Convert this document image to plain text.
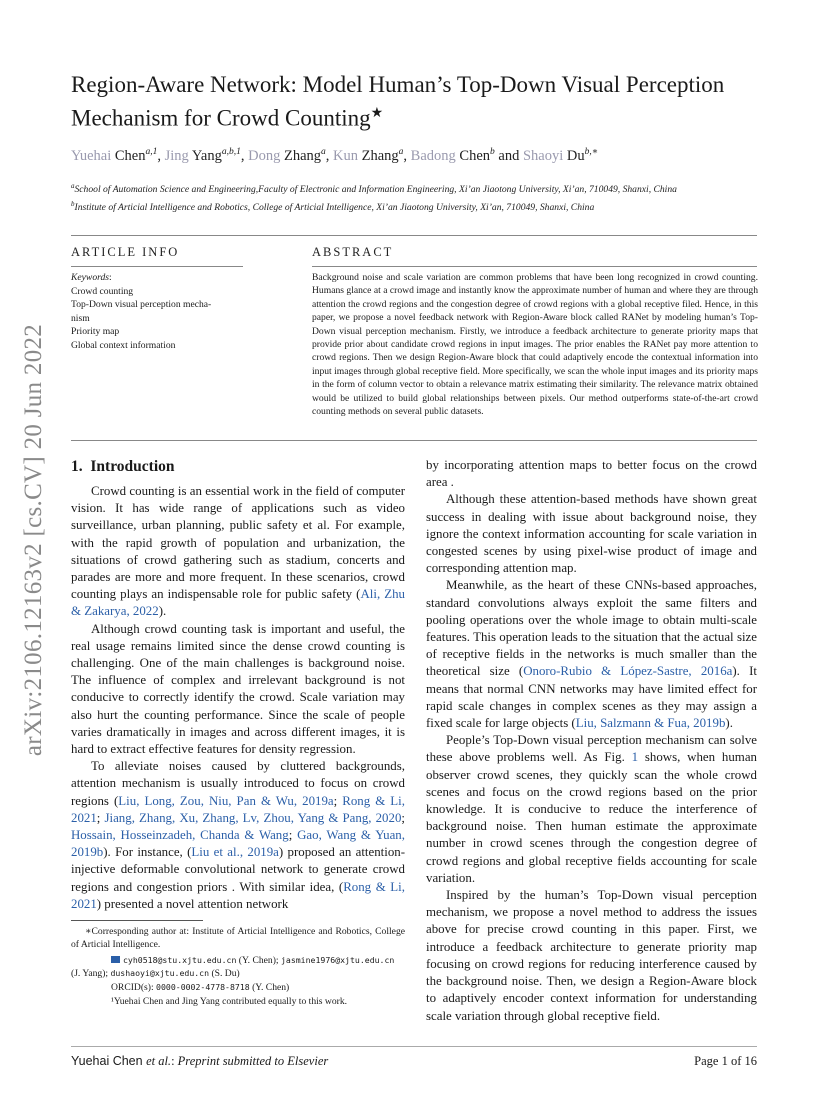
arXiv:2106.12163v2 [cs.CV] 20 Jun 2022
Region-Aware Network: Model Human’s Top-Down Visual Perception Mechanism for Crowd Counting★
Yuehai Chen$^{a,1}$, Jing Yang$^{a,b,1}$, Dong Zhang$^a$, Kun Zhang$^a$, Badong Chen$^b$ and Shaoyi $Du^{b,∗}$
$^a$School of Automation Science and Engineering,Faculty of Electronic and Information Engineering, Xi’an Jiaotong University, Xi’an, 710049, Shanxi, China
$^b$Institute of Articial Intelligence and Robotics, College of Articial Intelligence, Xi’an Jiaotong University, Xi’an, 710049, Shanxi, China
ARTICLE INFO
Keywords:
Crowd counting
Top-Down visual perception mecha-
nism
Priority map
Global context information
ABSTRACT
Background noise and scale variation are common problems that have been long recognized in crowd counting. Humans glance at a crowd image and instantly know the approximate number of human and where they are through attention the crowd regions and the congestion degree of crowd regions with a global receptive filed. Hence, in this paper, we propose a novel feedback network with Region-Aware block called RANet by modeling human’s Top-Down visual perception mechanism. Firstly, we introduce a feedback architecture to generate priority maps that provide prior about candidate crowd regions in input images. The prior enables the RANet pay more attention to crowd regions. Then we design Region-Aware block that could adaptively encode the contextual information into input images through global receptive field. More specifically, we scan the whole input images and its priority maps in the form of column vector to obtain a relevance matrix estimating their similarity. The relevance matrix obtained would be utilized to build global relationships between pixels. Our method outperforms state-of-the-art crowd counting methods on several public datasets.
1. Introduction

Crowd counting is an essential work in the field of computer vision. It has wide range of applications such as video surveillance, urban planning, public safety et al. For example, with the rapid growth of population and urbanization, the situations of crowd gathering such as stadium, concerts and parades are more and more frequent. In these scenarios, crowd counting plays an indispensable role for public safety (Ali, Zhu & Zakarya, 2022).

Although crowd counting task is important and useful, the real usage remains limited since the dense crowd counting is challenging. One of the main challenges is background noise. The influence of complex and irrelevant background is not conducive to correctly identify the crowd. Scale variation may also hurt the counting performance. Since the scale of people varies dramatically in images and across different images, it is hard to extract effective features for density regression.

To alleviate noises caused by cluttered backgrounds, attention mechanism is usually introduced to focus on crowd regions (Liu, Long, Zou, Niu, Pan & Wu, 2019a; Rong & Li, 2021; Jiang, Zhang, Xu, Zhang, Lv, Zhou, Yang & Pang, 2020; Hossain, Hosseinzadeh, Chanda & Wang; Gao, Wang & Yuan, 2019b). For instance, (Liu et al., 2019a) proposed an attention-injective deformable convolutional network to generate crowd regions and congestion priors . With similar idea, (Rong & Li, 2021) presented a novel attention network

∗Corresponding author at: Institute of Articial Intelligence and Robotics, College of Articial Intelligence.

cyh0518@stu.xjtu.edu.cn (Y. Chen); jasmine1976@xjtu.edu.cn (J. Yang); dushaoyi@xjtu.edu.cn (S. Du)

ORCID(s): 0000-0002-4778-8718 (Y. Chen)

¹Yuehai Chen and Jing Yang contributed equally to this work.

by incorporating attention maps to better focus on the crowd area .

Although these attention-based methods have shown great success in dealing with issue about background noise, they ignore the context information accounting for scale variation in congested scenes by using pixel-wise product of image and corresponding attention map.

Meanwhile, as the heart of these CNNs-based approaches, standard convolutions always exploit the same filters and pooling operations over the whole image to obtain multi-scale features. This operation leads to the situation that the actual size of receptive fields in the networks is much smaller than the theoretical size (Onoro-Rubio & López-Sastre, 2016a). It means that normal CNN networks may have limited effect for rapid scale changes in complex scenes as they may assign a fixed scale for large objects (Liu, Salzmann & Fua, 2019b).

People’s Top-Down visual perception mechanism can solve these above problems well. As Fig. 1 shows, when human observer crowd scenes, they quickly scan the whole crowd scenes and focus on the crowd regions based on the prior knowledge. It is conducive to reduce the interference of background noise. Then human estimate the approximate number in crowd scenes through the congestion degree of crowd regions and global receptive fields accounting for scale variation.

Inspired by the human’s Top-Down visual perception mechanism, we propose a novel method to address the issues above for precise crowd counting in this paper. First, we introduce a feedback architecture to generate priority map focusing on crowd regions for reducing interference caused by the background noise. Then, we design a Region-Aware block to adaptively encoder context information for understanding scale variation through global receptive field.

Yuehai Chen et al.: Preprint submitted to Elsevier	Page 1 of 16
